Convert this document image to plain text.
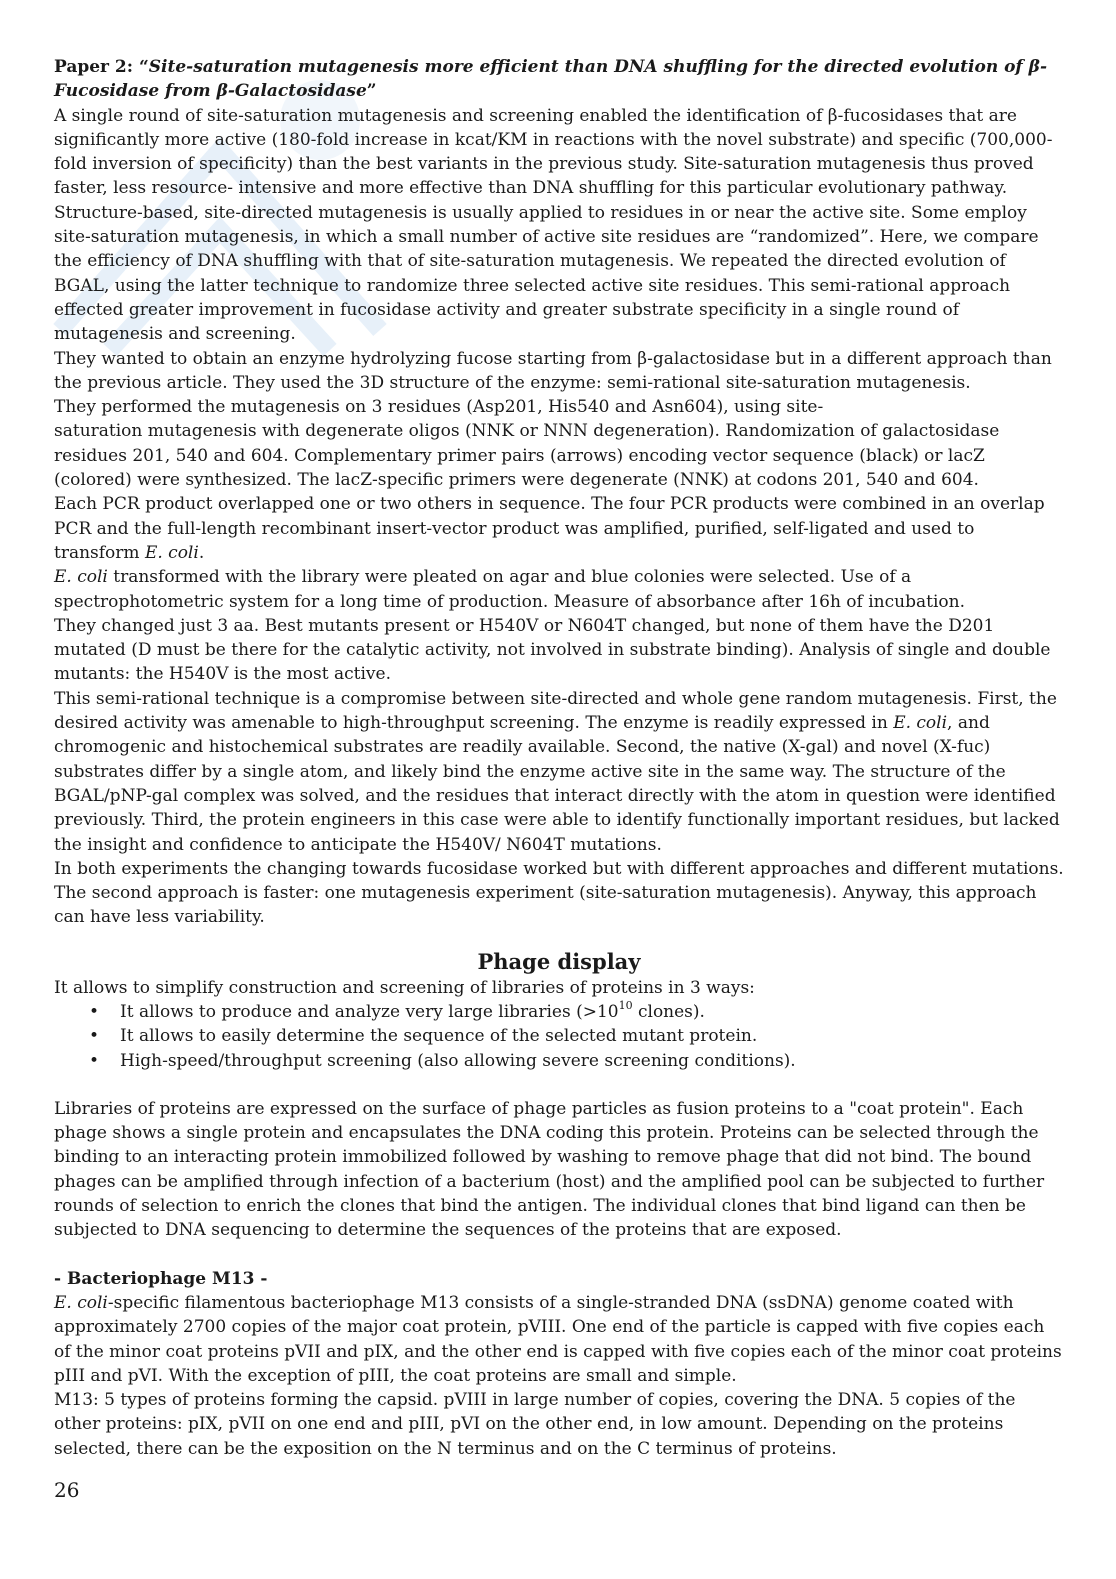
Paper 2: “Site-saturation mutagenesis more efficient than DNA shuffling for the directed evolution of β-Fucosidase from β-Galactosidase”

A single round of site-saturation mutagenesis and screening enabled the identification of β-fucosidases that are significantly more active (180-fold increase in kcat/KM in reactions with the novel substrate) and specific (700,000-fold inversion of specificity) than the best variants in the previous study. Site-saturation mutagenesis thus proved faster, less resource- intensive and more effective than DNA shuffling for this particular evolutionary pathway. Structure-based, site-directed mutagenesis is usually applied to residues in or near the active site. Some employ site-saturation mutagenesis, in which a small number of active site residues are “randomized”. Here, we compare the efficiency of DNA shuffling with that of site-saturation mutagenesis. We repeated the directed evolution of BGAL, using the latter technique to randomize three selected active site residues. This semi-rational approach effected greater improvement in fucosidase activity and greater substrate specificity in a single round of mutagenesis and screening.

They wanted to obtain an enzyme hydrolyzing fucose starting from β-galactosidase but in a different approach than the previous article. They used the 3D structure of the enzyme: semi-rational site-saturation mutagenesis.

They performed the mutagenesis on 3 residues (Asp201, His540 and Asn604), using site-

saturation mutagenesis with degenerate oligos (NNK or NNN degeneration). Randomization of galactosidase residues 201, 540 and 604. Complementary primer pairs (arrows) encoding vector sequence (black) or lacZ (colored) were synthesized. The lacZ-specific primers were degenerate (NNK) at codons 201, 540 and 604.

Each PCR product overlapped one or two others in sequence. The four PCR products were combined in an overlap PCR and the full-length recombinant insert-vector product was amplified, purified, self-ligated and used to transform E. coli.

E. coli transformed with the library were pleated on agar and blue colonies were selected. Use of a spectrophotometric system for a long time of production. Measure of absorbance after 16h of incubation.

They changed just 3 aa. Best mutants present or H540V or N604T changed, but none of them have the D201 mutated (D must be there for the catalytic activity, not involved in substrate binding). Analysis of single and double mutants: the H540V is the most active.

This semi-rational technique is a compromise between site-directed and whole gene random mutagenesis. First, the desired activity was amenable to high-throughput screening. The enzyme is readily expressed in E. coli, and chromogenic and histochemical substrates are readily available. Second, the native (X-gal) and novel (X-fuc) substrates differ by a single atom, and likely bind the enzyme active site in the same way. The structure of the BGAL/pNP-gal complex was solved, and the residues that interact directly with the atom in question were identified previously. Third, the protein engineers in this case were able to identify functionally important residues, but lacked the insight and confidence to anticipate the H540V/ N604T mutations.

In both experiments the changing towards fucosidase worked but with different approaches and different mutations. The second approach is faster: one mutagenesis experiment (site-saturation mutagenesis). Anyway, this approach can have less variability.

Phage display

It allows to simplify construction and screening of libraries of proteins in 3 ways:

• It allows to produce and analyze very large libraries ($>10^{10}$ clones).
• It allows to easily determine the sequence of the selected mutant protein.
• High-speed/throughput screening (also allowing severe screening conditions).

Libraries of proteins are expressed on the surface of phage particles as fusion proteins to a "coat protein". Each phage shows a single protein and encapsulates the DNA coding this protein. Proteins can be selected through the binding to an interacting protein immobilized followed by washing to remove phage that did not bind. The bound phages can be amplified through infection of a bacterium (host) and the amplified pool can be subjected to further rounds of selection to enrich the clones that bind the antigen. The individual clones that bind ligand can then be subjected to DNA sequencing to determine the sequences of the proteins that are exposed.

- Bacteriophage M13 -

E. coli-specific filamentous bacteriophage M13 consists of a single-stranded DNA (ssDNA) genome coated with approximately 2700 copies of the major coat protein, pVIII. One end of the particle is capped with five copies each of the minor coat proteins pVII and pIX, and the other end is capped with five copies each of the minor coat proteins pIII and pVI. With the exception of pIII, the coat proteins are small and simple.

M13: 5 types of proteins forming the capsid. pVIII in large number of copies, covering the DNA. 5 copies of the other proteins: pIX, pVII on one end and pIII, pVI on the other end, in low amount. Depending on the proteins selected, there can be the exposition on the N terminus and on the C terminus of proteins.

26
